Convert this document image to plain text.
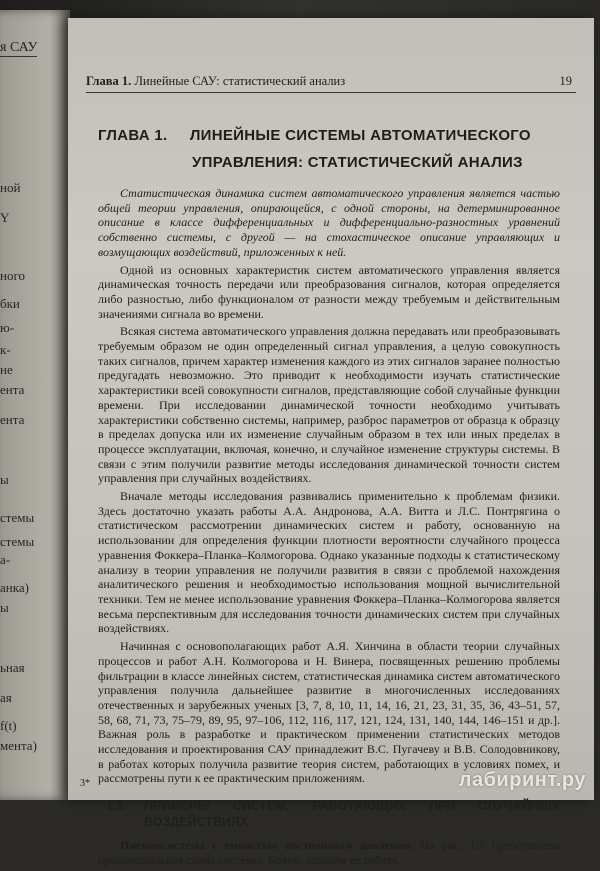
я САУ
ной
Y
ного
бки
ю-
к-
не
ента
ента
ы
стемы
стемы
а-
анка)
ы
ьная
ая
f(t)
мента)
Глава 1. Линейные САУ: статистический анализ	19
ГЛАВА 1.     ЛИНЕЙНЫЕ СИСТЕМЫ АВТОМАТИЧЕСКОГО
УПРАВЛЕНИЯ: СТАТИСТИЧЕСКИЙ АНАЛИЗ

Статистическая динамика систем автоматического управления является частью общей теории управления, опирающейся, с одной стороны, на детерминированное описание в классе дифференциальных и дифференциально-разностных уравнений собственно системы, с другой — на стохастическое описание управляющих и возмущающих воздействий, приложенных к ней.

Одной из основных характеристик систем автоматического управления является динамическая точность передачи или преобразования сигналов, которая определяется либо разностью, либо функционалом от разности между требуемым и действительным значениями сигнала во времени.

Всякая система автоматического управления должна передавать или преобразовывать требуемым образом не один определенный сигнал управления, а целую совокупность таких сигналов, причем характер изменения каждого из этих сигналов заранее полностью предугадать невозможно. Это приводит к необходимости изучать статистические характеристики всей совокупности сигналов, представляющие собой случайные функции времени. При исследовании динамической точности необходимо учитывать характеристики собственно системы, например, разброс параметров от образца к образцу в пределах допуска или их изменение случайным образом в тех или иных пределах в процессе эксплуатации, включая, конечно, и случайное изменение структуры системы. В связи с этим получили развитие методы исследования динамической точности систем управления при случайных воздействиях.

Вначале методы исследования развивались применительно к проблемам физики. Здесь достаточно указать работы А.А. Андронова, А.А. Витта и Л.С. Понтрягина о статистическом рассмотрении динамических систем и работу, основанную на использовании для определения функции плотности вероятности случайного процесса уравнения Фоккера–Планка–Колмогорова. Однако указанные подходы к статистическому анализу в теории управления не получили развития в связи с проблемой нахождения аналитического решения и необходимостью использования мощной вычислительной техники. Тем не менее использование уравнения Фоккера–Планка–Колмогорова является весьма перспективным для исследования точности динамических систем при случайных воздействиях.

Начинная с основополагающих работ А.Я. Хинчина в области теории случайных процессов и работ А.Н. Колмогорова и Н. Винера, посвященных решению проблемы фильтрации в классе линейных систем, статистическая динамика систем автоматического управления получила дальнейшее развитие в многочисленных исследованиях отечественных и зарубежных ученых [3, 7, 8, 10, 11, 14, 16, 21, 23, 31, 35, 36, 43–51, 57, 58, 68, 71, 73, 75–79, 89, 95, 97–106, 112, 116, 117, 121, 124, 131, 140, 144, 146–151 и др.]. Важная роль в разработке и практическом применении статистических методов исследования и проектирования САУ принадлежит В.С. Пугачеву и В.В. Солодовникову, в работах которых получила развитие теория систем, работающих в условиях помех, и рассмотрены пути к ее практическим приложениям.

1.1.	ПРИМЕРЫ СИСТЕМ, РАБОТАЮЩИХ ПРИ СЛУЧАЙНЫХ ВОЗДЕЙСТВИЯХ

Пневмосистема с емкостью постоянного давления. На рис. 1.1 представлена принципиальная схема системы. Кратко опишем ее работу.

3*	лабиринт.ру
